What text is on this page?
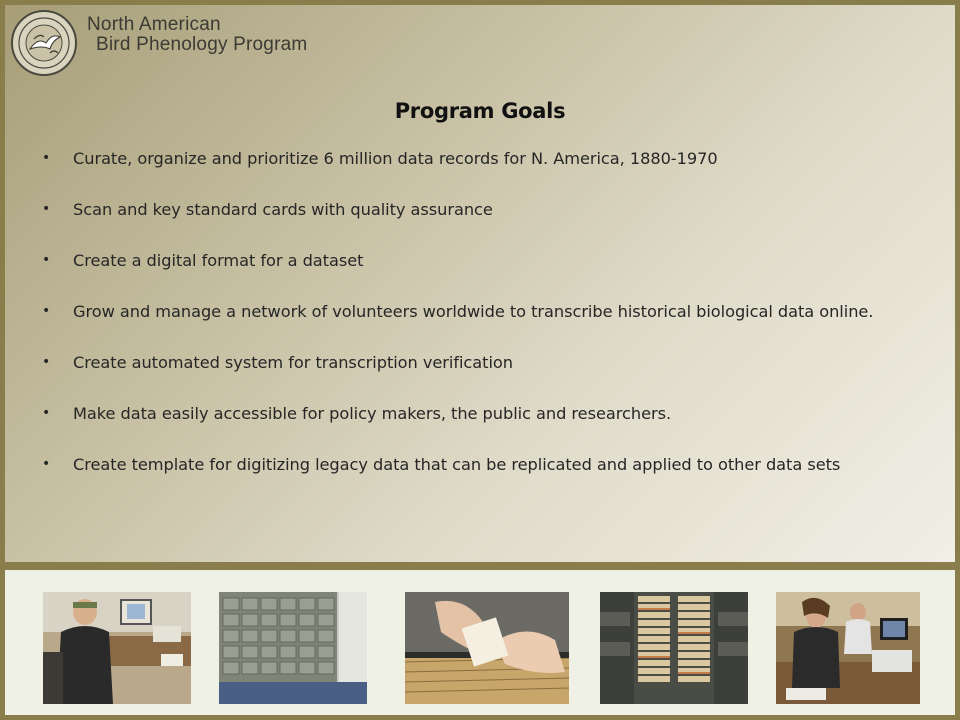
North American
Bird Phenology Program
Program Goals
• Curate, organize and prioritize 6 million data records for N. America, 1880-1970
• Scan and key standard cards with quality assurance
• Create a digital format for a dataset
• Grow and manage a network of volunteers worldwide to transcribe historical biological data online.
• Create automated system for transcription verification
• Make data easily accessible for policy makers, the public and researchers.
• Create template for digitizing legacy data that can be replicated and applied to other data sets
